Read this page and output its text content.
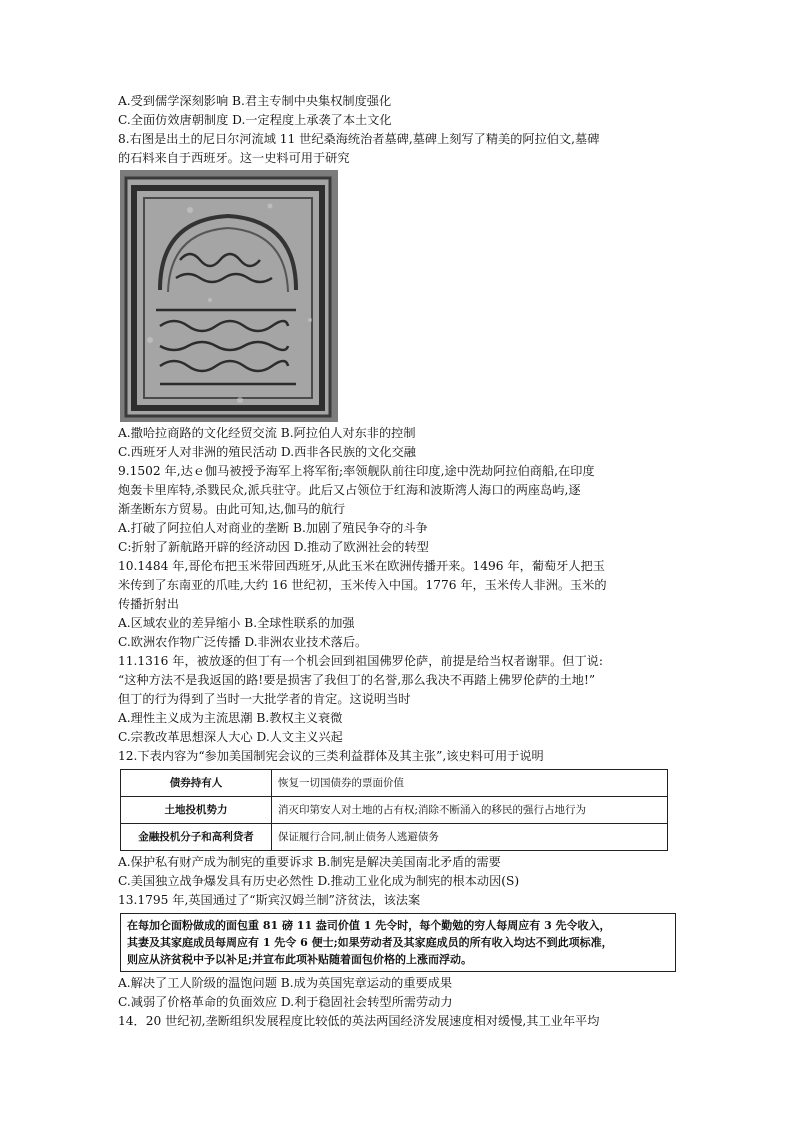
A.受到儒学深刻影响 B.君主专制中央集权制度强化
C.全面仿效唐朝制度 D.一定程度上承袭了本土文化
8.右图是出土的尼日尔河流域 11 世纪桑海统治者墓碑,墓碑上刻写了精美的阿拉伯文,墓碑
的石料来自于西班牙。这一史料可用于研究
A.撒哈拉商路的文化经贸交流 B.阿拉伯人对东非的控制
C.西班牙人对非洲的殖民活动 D.西非各民族的文化交融
9.1502 年,达ｅ伽马被授予海军上将军衔;率领舰队前往印度,途中洗劫阿拉伯商船,在印度
炮轰卡里库特,杀戮民众,派兵驻守。此后又占领位于红海和波斯湾人海口的两座岛屿,逐
渐垄断东方贸易。由此可知,达,伽马的航行
A.打破了阿拉伯人对商业的垄断 B.加剧了殖民争夺的斗争
C:折射了新航路开辟的经济动因 D.推动了欧洲社会的转型
10.1484 年,哥伦布把玉米带回西班牙,从此玉米在欧洲传播开来。1496 年，葡萄牙人把玉
米传到了东南亚的爪哇,大约 16 世纪初，玉米传入中国。1776 年，玉米传人非洲。玉米的
传播折射出
A.区域农业的差异缩小 B.全球性联系的加强
C.欧洲农作物广泛传播 D.非洲农业技术落后。
11.1316 年，被放逐的但丁有一个机会回到祖国佛罗伦萨，前提是给当权者谢罪。但丁说:
“这种方法不是我返国的路!要是损害了我但丁的名誉,那么我决不再踏上佛罗伦萨的土地!”
但丁的行为得到了当时一大批学者的肯定。这说明当时
A.理性主义成为主流思潮 B.教权主义衰微
C.宗教改革思想深人大心 D.人文主义兴起
12.下表内容为“参加美国制宪会议的三类利益群体及其主张”,该史料可用于说明
债券持有人	恢复一切国债券的票面价值
土地投机势力	消灭印第安人对土地的占有权;消除不断涌入的移民的强行占地行为
金融投机分子和高利贷者	保证履行合同,制止债务人逃避债务
A.保护私有财产成为制宪的重要诉求 B.制宪是解决美国南北矛盾的需要
C.美国独立战争爆发具有历史必然性 D.推动工业化成为制宪的根本动因(S)
13.1795 年,英国通过了“斯宾汉姆兰制”济贫法，该法案
在每加仑面粉做成的面包重 81 磅 11 盎司价值 1 先令时，每个勤勉的穷人每周应有 3 先令收入，
其妻及其家庭成员每周应有 1 先令 6 便士;如果劳动者及其家庭成员的所有收入均达不到此项标准，
则应从济贫税中予以补足;并宣布此项补贴随着面包价格的上涨而浮动。
A.解决了工人阶级的温饱问题 B.成为英国宪章运动的重要成果
C.减弱了价格革命的负面效应 D.利于稳固社会转型所需劳动力
14．20 世纪初,垄断组织发展程度比较低的英法两国经济发展速度相对缓慢,其工业年平均
